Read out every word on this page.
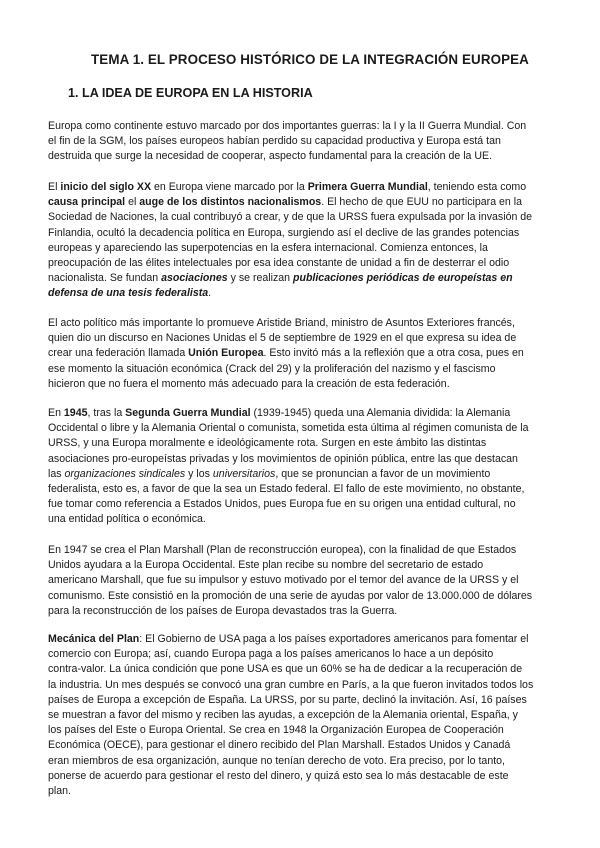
TEMA 1. EL PROCESO HISTÓRICO DE LA INTEGRACIÓN EUROPEA
1. LA IDEA DE EUROPA EN LA HISTORIA
Europa como continente estuvo marcado por dos importantes guerras: la I y la II Guerra Mundial. Con
el fin de la SGM, los países europeos habían perdido su capacidad productiva y Europa está tan
destruida que surge la necesidad de cooperar, aspecto fundamental para la creación de la UE.
El inicio del siglo XX en Europa viene marcado por la Primera Guerra Mundial, teniendo esta como
causa principal el auge de los distintos nacionalismos. El hecho de que EUU no participara en la
Sociedad de Naciones, la cual contribuyó a crear, y de que la URSS fuera expulsada por la invasión de
Finlandia, ocultó la decadencia política en Europa, surgiendo así el declive de las grandes potencias
europeas y apareciendo las superpotencias en la esfera internacional. Comienza entonces, la
preocupación de las élites intelectuales por esa idea constante de unidad a fin de desterrar el odio
nacionalista. Se fundan asociaciones y se realizan publicaciones periódicas de europeístas en
defensa de una tesis federalista.
El acto político más importante lo promueve Aristide Briand, ministro de Asuntos Exteriores francés,
quien dio un discurso en Naciones Unidas el 5 de septiembre de 1929 en el que expresa su idea de
crear una federación llamada Unión Europea. Esto invitó más a la reflexión que a otra cosa, pues en
ese momento la situación económica (Crack del 29) y la proliferación del nazismo y el fascismo
hicieron que no fuera el momento más adecuado para la creación de esta federación.
En 1945, tras la Segunda Guerra Mundial (1939-1945) queda una Alemania dividida: la Alemania
Occidental o libre y la Alemania Oriental o comunista, sometida esta última al régimen comunista de la
URSS, y una Europa moralmente e ideológicamente rota. Surgen en este ámbito las distintas
asociaciones pro-europeístas privadas y los movimientos de opinión pública, entre las que destacan
las organizaciones sindicales y los universitarios, que se pronuncian a favor de un movimiento
federalista, esto es, a favor de que la sea un Estado federal. El fallo de este movimiento, no obstante,
fue tomar como referencia a Estados Unidos, pues Europa fue en su origen una entidad cultural, no
una entidad política o económica.
En 1947 se crea el Plan Marshall (Plan de reconstrucción europea), con la finalidad de que Estados
Unidos ayudara a la Europa Occidental. Este plan recibe su nombre del secretario de estado
americano Marshall, que fue su impulsor y estuvo motivado por el temor del avance de la URSS y el
comunismo. Este consistió en la promoción de una serie de ayudas por valor de 13.000.000 de dólares
para la reconstrucción de los países de Europa devastados tras la Guerra.
Mecánica del Plan: El Gobierno de USA paga a los países exportadores americanos para fomentar el
comercio con Europa; así, cuando Europa paga a los países americanos lo hace a un depósito
contra-valor. La única condición que pone USA es que un 60% se ha de dedicar a la recuperación de
la industria. Un mes después se convocó una gran cumbre en París, a la que fueron invitados todos los
países de Europa a excepción de España. La URSS, por su parte, declinó la invitación. Así, 16 países
se muestran a favor del mismo y reciben las ayudas, a excepción de la Alemania oriental, España, y
los países del Este o Europa Oriental. Se crea en 1948 la Organización Europea de Cooperación
Económica (OECE), para gestionar el dinero recibido del Plan Marshall. Estados Unidos y Canadá
eran miembros de esa organización, aunque no tenían derecho de voto. Era preciso, por lo tanto,
ponerse de acuerdo para gestionar el resto del dinero, y quizá esto sea lo más destacable de este
plan.
